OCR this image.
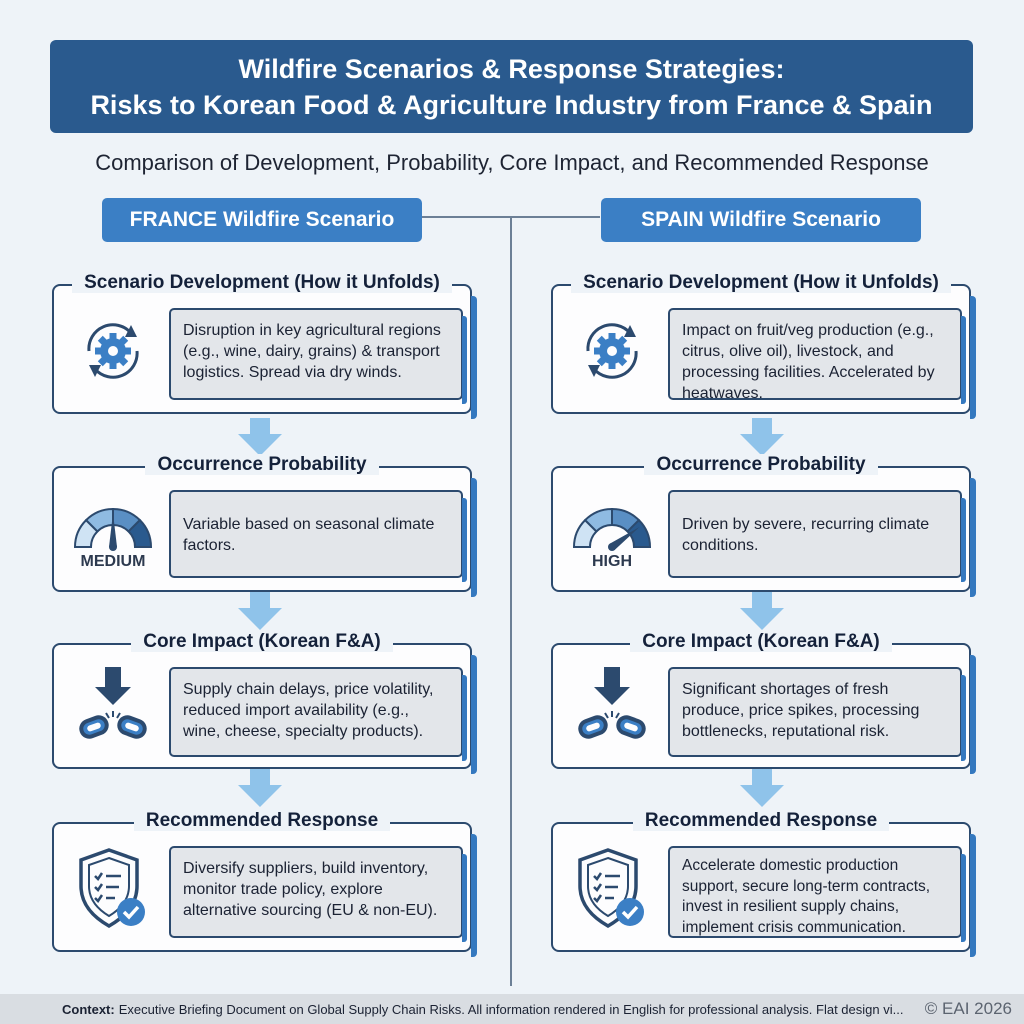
Wildfire Scenarios & Response Strategies:
Risks to Korean Food & Agriculture Industry from France & Spain
Comparison of Development, Probability, Core Impact, and Recommended Response
FRANCE Wildfire Scenario	SPAIN Wildfire Scenario
Scenario Development (How it Unfolds)
Disruption in key agricultural regions (e.g., wine, dairy, grains) & transport logistics. Spread via dry winds.
Occurrence Probability
MEDIUM
Variable based on seasonal climate factors.
Core Impact (Korean F&A)
Supply chain delays, price volatility, reduced import availability (e.g., wine, cheese, specialty products).
Recommended Response
Diversify suppliers, build inventory, monitor trade policy, explore alternative sourcing (EU & non-EU).
Scenario Development (How it Unfolds)
Impact on fruit/veg production (e.g., citrus, olive oil), livestock, and processing facilities. Accelerated by heatwaves.
Occurrence Probability
HIGH
Driven by severe, recurring climate conditions.
Core Impact (Korean F&A)
Significant shortages of fresh produce, price spikes, processing bottlenecks, reputational risk.
Recommended Response
Accelerate domestic production support, secure long-term contracts, invest in resilient supply chains, implement crisis communication.
Context: Executive Briefing Document on Global Supply Chain Risks. All information rendered in English for professional analysis. Flat design vi... © EAI 2026
